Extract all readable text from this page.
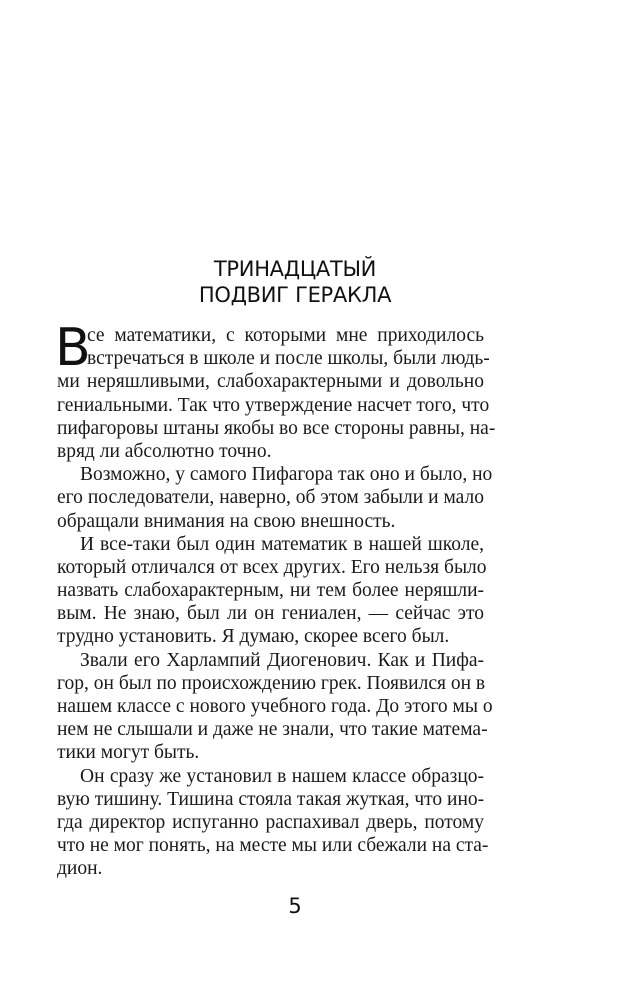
ТРИНАДЦАТЫЙ
ПОДВИГ ГЕРАКЛА
В
се математики, с которыми мне приходилось
встречаться в школе и после школы, были людь-
ми неряшливыми, слабохарактерными и довольно
гениальными. Так что утверждение насчет того, что
пифагоровы штаны якобы во все стороны равны, на-
вряд ли абсолютно точно.
Возможно, у самого Пифагора так оно и было, но
его последователи, наверно, об этом забыли и мало
обращали внимания на свою внешность.
И все-таки был один математик в нашей школе,
который отличался от всех других. Его нельзя было
назвать слабохарактерным, ни тем более неряшли-
вым. Не знаю, был ли он гениален, — сейчас это
трудно установить. Я думаю, скорее всего был.
Звали его Харлампий Диогенович. Как и Пифа-
гор, он был по происхождению грек. Появился он в
нашем классе с нового учебного года. До этого мы о
нем не слышали и даже не знали, что такие матема-
тики могут быть.
Он сразу же установил в нашем классе образцо-
вую тишину. Тишина стояла такая жуткая, что ино-
гда директор испуганно распахивал дверь, потому
что не мог понять, на месте мы или сбежали на ста-
дион.
5
